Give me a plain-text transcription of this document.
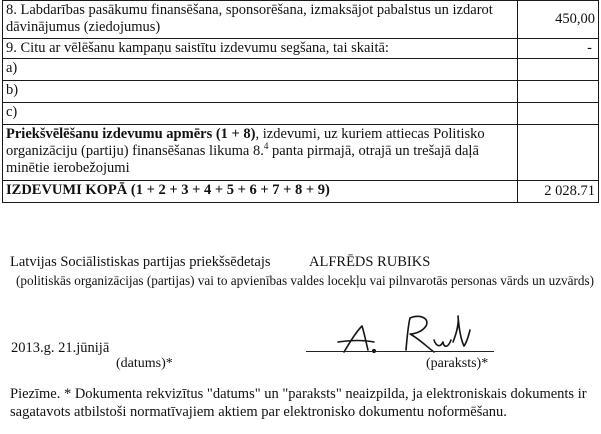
8. Labdarības pasākumu finansēšana, sponsorēšana, izmaksājot pabalstus un izdarot dāvinājumus (ziedojumus)	450,00
9. Citu ar vēlēšanu kampaņu saistītu izdevumu segšana, tai skaitā:	-
a)	
b)	
c)	
Priekšvēlēšanu izdevumu apmērs (1 + 8), izdevumi, uz kuriem attiecas Politisko organizāciju (partiju) finansēšanas likuma 8.$^4$ panta pirmajā, otrajā un trešajā daļā minētie ierobežojumi	
IZDEVUMI KOPĀ (1 + 2 + 3 + 4 + 5 + 6 + 7 + 8 + 9)	2 028.71
Latvijas Sociālistiskas partijas priekšsēdetajs	ALFRĒDS RUBIKS
(politiskās organizācijas (partijas) vai to apvienības valdes locekļu vai pilnvarotās personas vārds un uzvārds)
2013.g. 21.jūnijā
(datums)*	(paraksts)*
Piezīme. * Dokumenta rekvizītus "datums" un "paraksts" neaizpilda, ja elektroniskais dokuments ir sagatavots atbilstoši normatīvajiem aktiem par elektronisko dokumentu noformēšanu.
